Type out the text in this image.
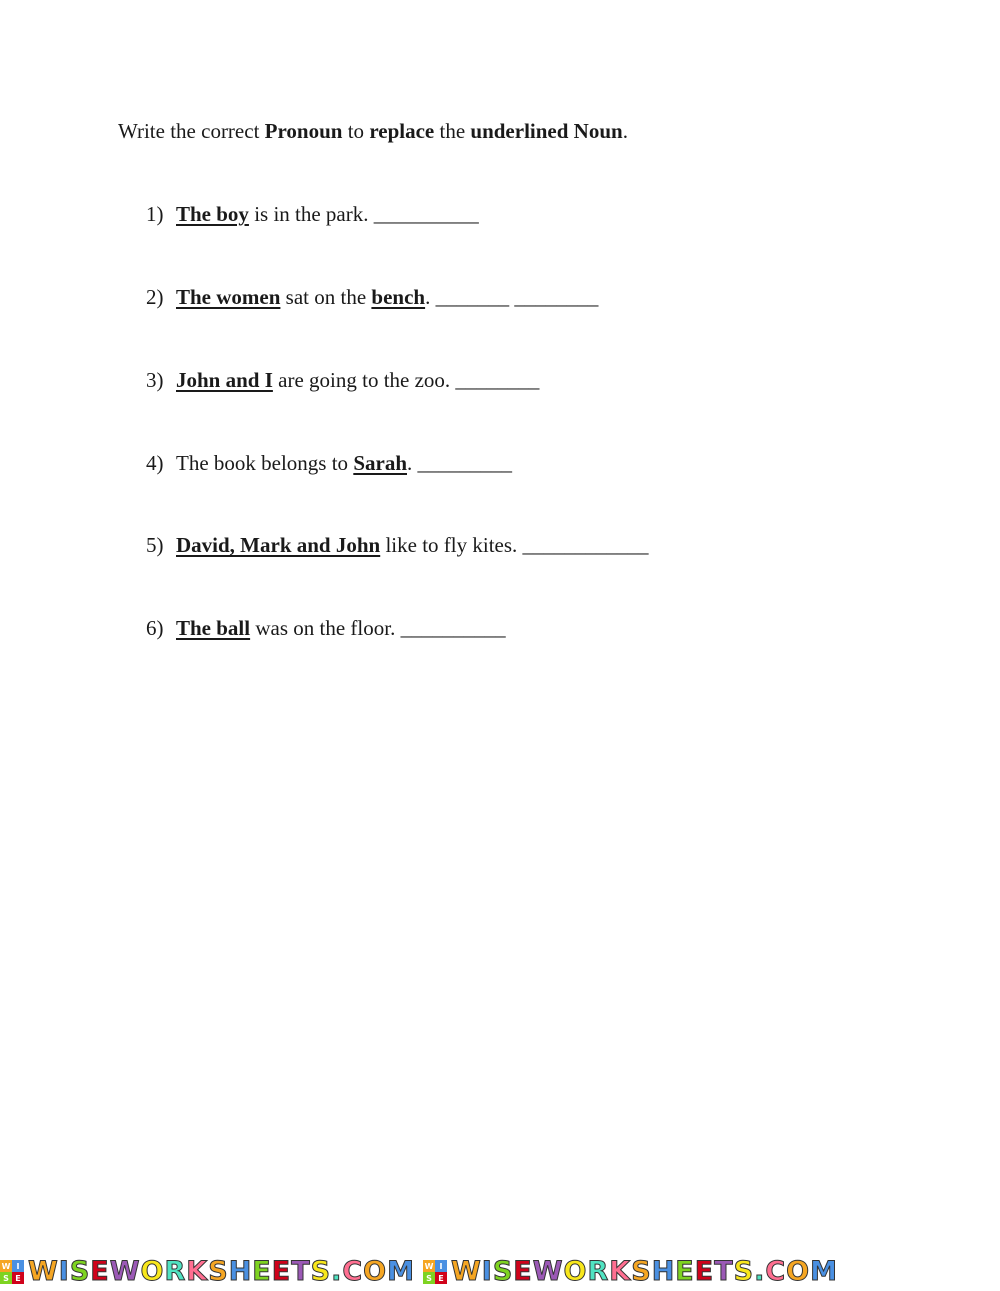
Write the correct Pronoun to replace the underlined Noun.
1) The boy is in the park. __________
2) The women sat on the bench. _______ ________
3) John and I are going to the zoo. ________
4) The book belongs to Sarah. _________
5) David, Mark and John like to fly kites. ____________
6) The ball was on the floor. __________
W I
S E W I S E W O R K S H E E T S . C O M W I
S E W I S E W O R K S H E E T S . C O M
